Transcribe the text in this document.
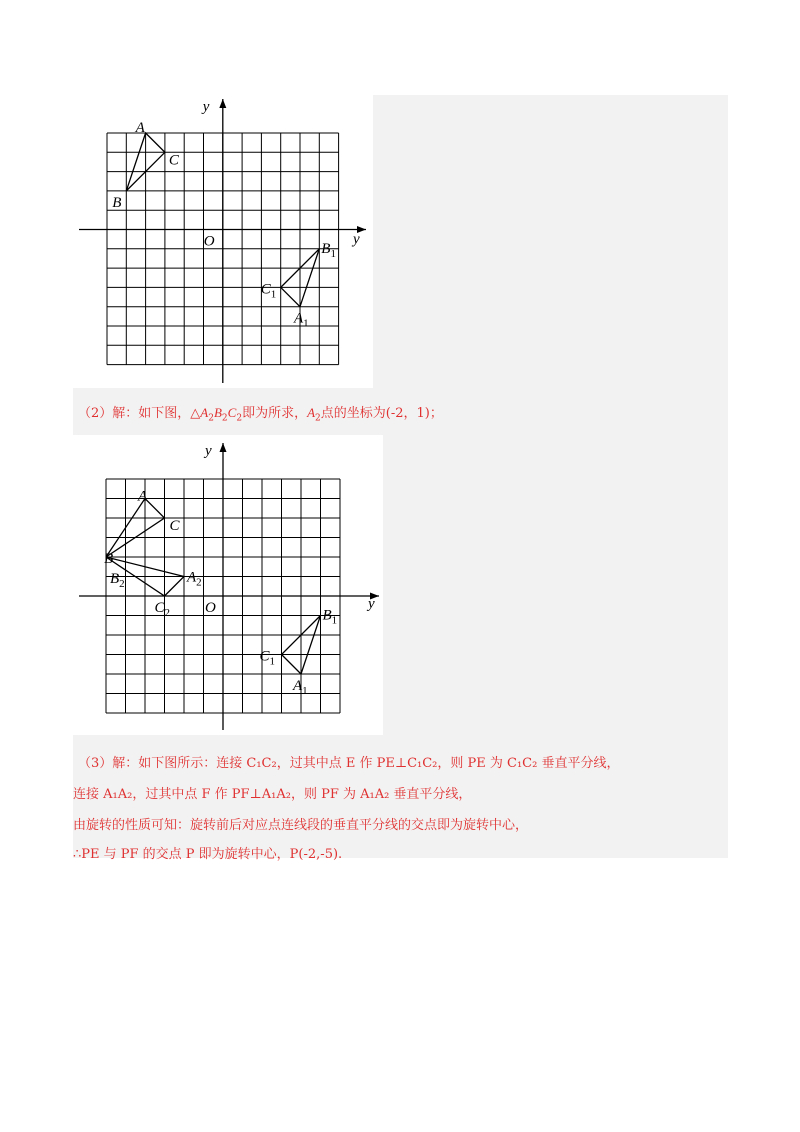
y
y
O
A
C
B
$B_1$
$C_1$
$A_1$
（2）解：如下图，$\triangle A_2B_2C_2$即为所求，$A_2$点的坐标为(-2，1)；
y
y
O
A
C
B
$B_2$	$A_2$
$C_2$	$B_1$
$C_1$
$A_1$
（3）解：如下图所示：连接 C₁C₂，过其中点 E 作 PE⊥C₁C₂，则 PE 为 C₁C₂ 垂直平分线，
连接 A₁A₂，过其中点 F 作 PF⊥A₁A₂，则 PF 为 A₁A₂ 垂直平分线，
由旋转的性质可知：旋转前后对应点连线段的垂直平分线的交点即为旋转中心，
∴PE 与 PF 的交点 P 即为旋转中心，P(-2,-5).
